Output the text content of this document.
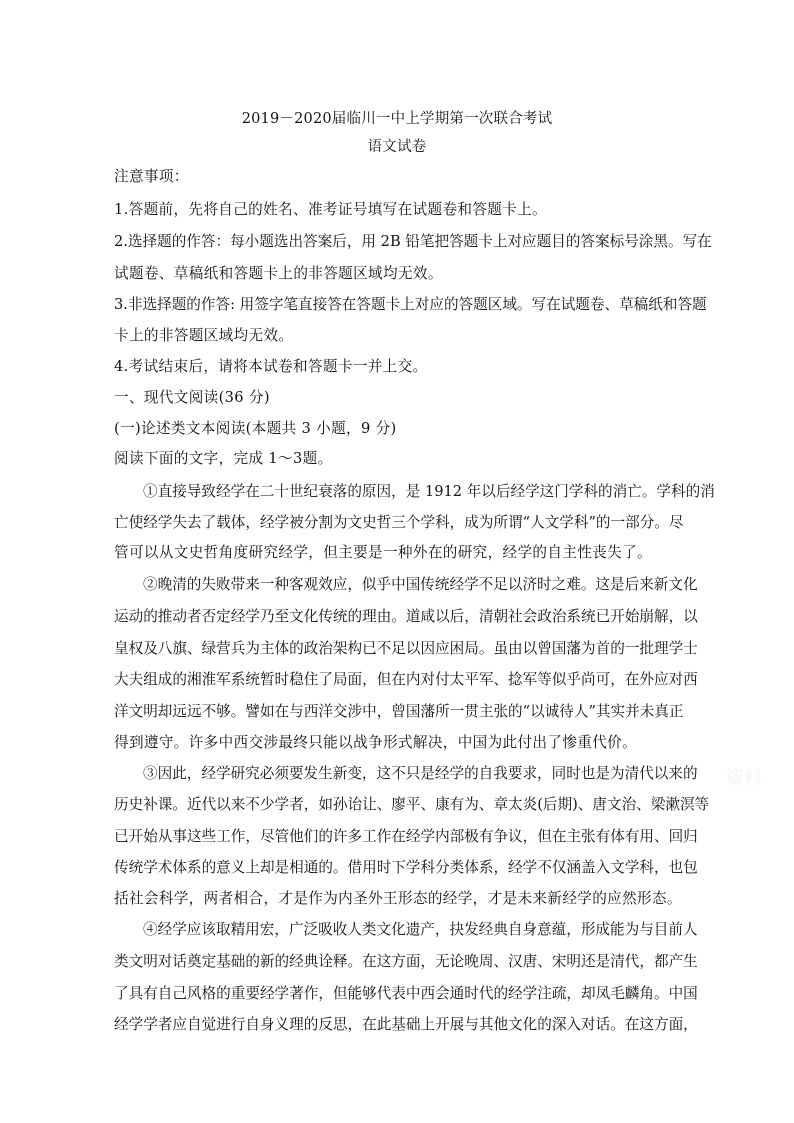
2019－2020届临川一中上学期第一次联合考试
语文试卷
注意事项：
1.答题前，先将自己的姓名、准考证号填写在试题卷和答题卡上。
2.选择题的作答：每小题选出答案后，用 2B 铅笔把答题卡上对应题目的答案标号涂黑。写在
试题卷、草稿纸和答题卡上的非答题区域均无效。
3.非选择题的作答: 用签字笔直接答在答题卡上对应的答题区域。写在试题卷、草稿纸和答题
卡上的非答题区域均无效。
4.考试结束后，请将本试卷和答题卡一并上交。
一、现代文阅读(36 分)
(一)论述类文本阅读(本题共 3 小题，9 分)
阅读下面的文字，完成 1～3题。
①直接导致经学在二十世纪衰落的原因，是 1912 年以后经学这门学科的消亡。学科的消
亡使经学失去了载体，经学被分割为文史哲三个学科，成为所谓“人文学科”的一部分。尽
管可以从文史哲角度研究经学，但主要是一种外在的研究，经学的自主性丧失了。
②晚清的失败带来一种客观效应，似乎中国传统经学不足以济时之难。这是后来新文化
运动的推动者否定经学乃至文化传统的理由。道咸以后，清朝社会政治系统已开始崩解，以
皇权及八旗、绿营兵为主体的政治架构已不足以因应困局。虽由以曾国藩为首的一批理学士
大夫组成的湘淮军系统暂时稳住了局面，但在内对付太平军、捻军等似乎尚可，在外应对西
洋文明却远远不够。譬如在与西洋交涉中，曾国藩所一贯主张的“以诚待人”其实并未真正
得到遵守。许多中西交涉最终只能以战争形式解决，中国为此付出了惨重代价。
③因此，经学研究必须要发生新变，这不只是经学的自我要求，同时也是为清代以来的
历史补课。近代以来不少学者，如孙诒让、廖平、康有为、章太炎(后期)、唐文治、梁漱溟等
已开始从事这些工作，尽管他们的许多工作在经学内部极有争议，但在主张有体有用、回归
传统学术体系的意义上却是相通的。借用时下学科分类体系，经学不仅涵盖入文学科，也包
括社会科学，两者相合，才是作为内圣外王形态的经学，才是未来新经学的应然形态。
④经学应该取精用宏，广泛吸收人类文化遗产，抉发经典自身意蕴，形成能为与目前人
类文明对话奠定基础的新的经典诠释。在这方面，无论晚周、汉唐、宋明还是清代，都产生
了具有自己风格的重要经学著作，但能够代表中西会通时代的经学注疏，却凤毛麟角。中国
经学学者应自觉进行自身义理的反思，在此基础上开展与其他文化的深入对话。在这方面，
资料
